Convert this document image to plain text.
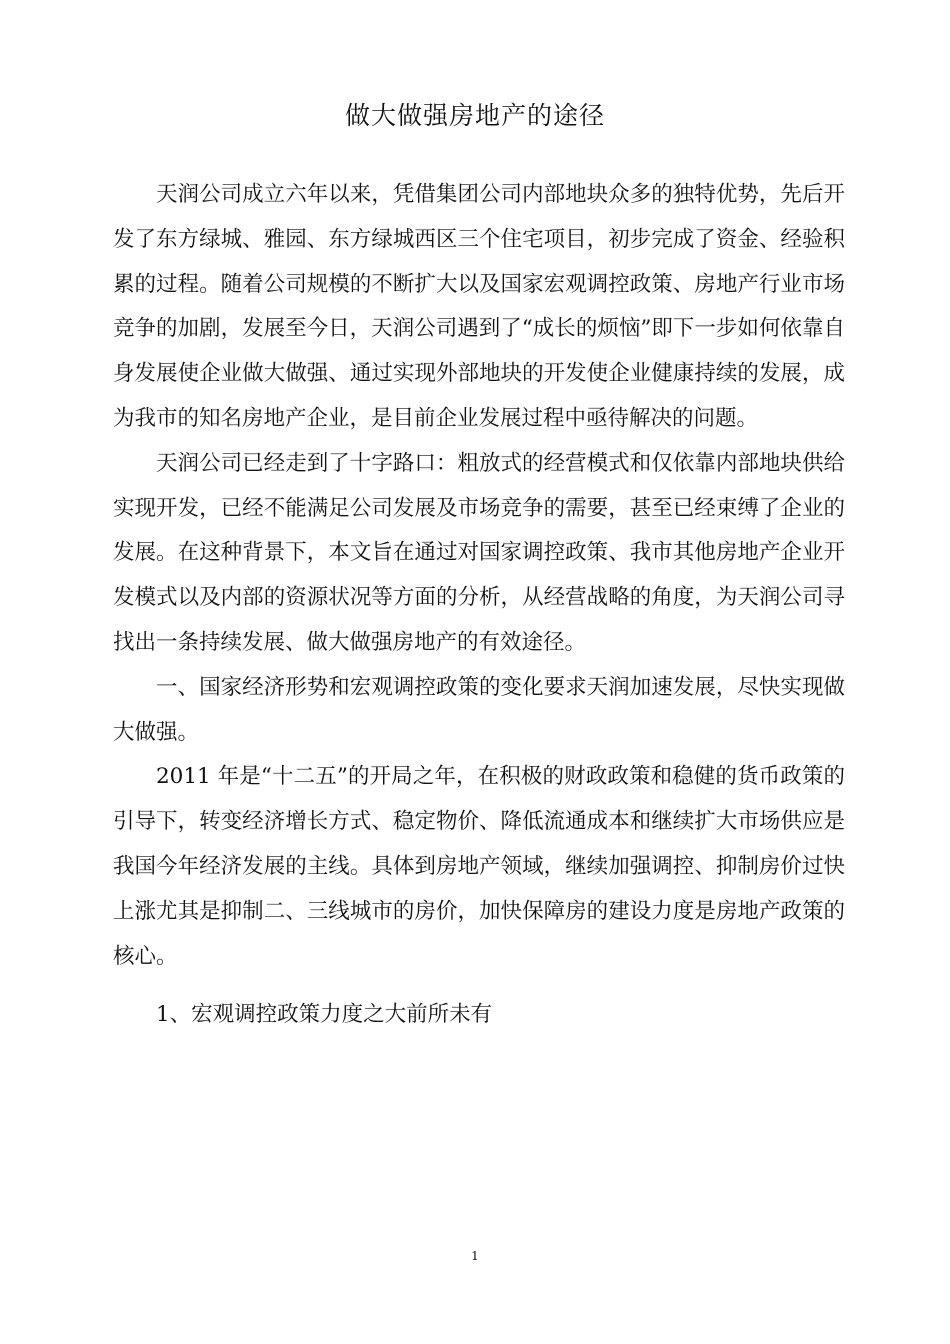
做大做强房地产的途径

天润公司成立六年以来，凭借集团公司内部地块众多的独特优势，先后开发了东方绿城、雅园、东方绿城西区三个住宅项目，初步完成了资金、经验积累的过程。随着公司规模的不断扩大以及国家宏观调控政策、房地产行业市场竞争的加剧，发展至今日，天润公司遇到了“成长的烦恼”即下一步如何依靠自身发展使企业做大做强、通过实现外部地块的开发使企业健康持续的发展，成为我市的知名房地产企业，是目前企业发展过程中亟待解决的问题。

天润公司已经走到了十字路口：粗放式的经营模式和仅依靠内部地块供给实现开发，已经不能满足公司发展及市场竞争的需要，甚至已经束缚了企业的发展。在这种背景下，本文旨在通过对国家调控政策、我市其他房地产企业开发模式以及内部的资源状况等方面的分析，从经营战略的角度，为天润公司寻找出一条持续发展、做大做强房地产的有效途径。

一、国家经济形势和宏观调控政策的变化要求天润加速发展，尽快实现做大做强。

2011 年是“十二五”的开局之年，在积极的财政政策和稳健的货币政策的引导下，转变经济增长方式、稳定物价、降低流通成本和继续扩大市场供应是我国今年经济发展的主线。具体到房地产领域，继续加强调控、抑制房价过快上涨尤其是抑制二、三线城市的房价，加快保障房的建设力度是房地产政策的核心。

1、宏观调控政策力度之大前所未有

1
